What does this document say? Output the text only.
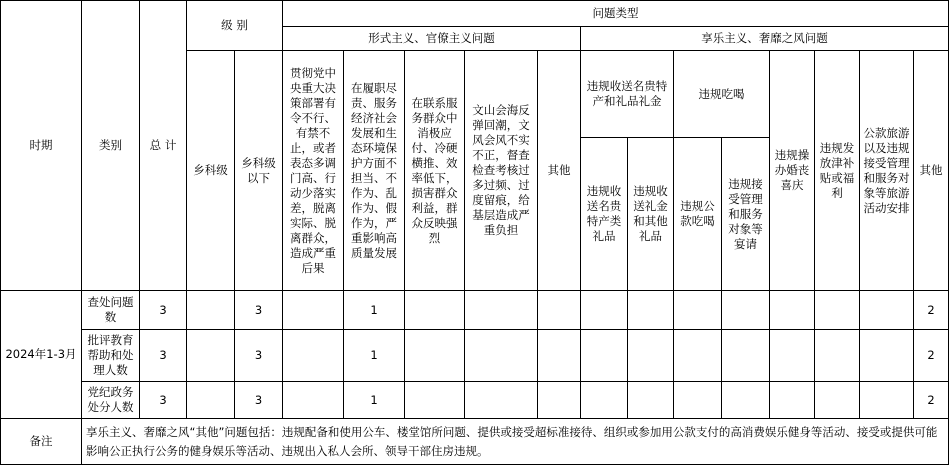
时期	类别	总 计	级 别		问题类型												
					形式主义、官僚主义问题					享乐主义、奢靡之风问题							
			乡科级	乡科级以下	贯彻党中央重大决策部署有令不行、有禁不止，或者表态多调门高、行动少落实差，脱离实际、脱离群众，造成严重后果	在履职尽责、服务经济社会发展和生态环境保护方面不担当、不作为、乱作为、假作为，严重影响高质量发展	在联系服务群众中消极应付、冷硬横推、效率低下，损害群众利益，群众反映强烈	文山会海反弹回潮，文风会风不实不正，督查检查考核过多过频、过度留痕，给基层造成严重负担	其他	违规收送名贵特产和礼品礼金		违规吃喝		违规操办婚丧喜庆	违规发放津补贴或福利	公款旅游以及违规接受管理和服务对象等旅游活动安排	其他
										违规收送名贵特产类礼品	违规收送礼金和其他礼品	违规公款吃喝	违规接受管理和服务对象等宴请				
2024年1-3月	查处问题数	3		3		1											2
	批评教育帮助和处理人数	3		3		1											2
	党纪政务处分人数	3		3		1											2
备注	享乐主义、奢靡之风“其他”问题包括：违规配备和使用公车、楼堂馆所问题、提供或接受超标准接待、组织或参加用公款支付的高消费娱乐健身等活动、接受或提供可能影响公正执行公务的健身娱乐等活动、违规出入私人会所、领导干部住房违规。																
